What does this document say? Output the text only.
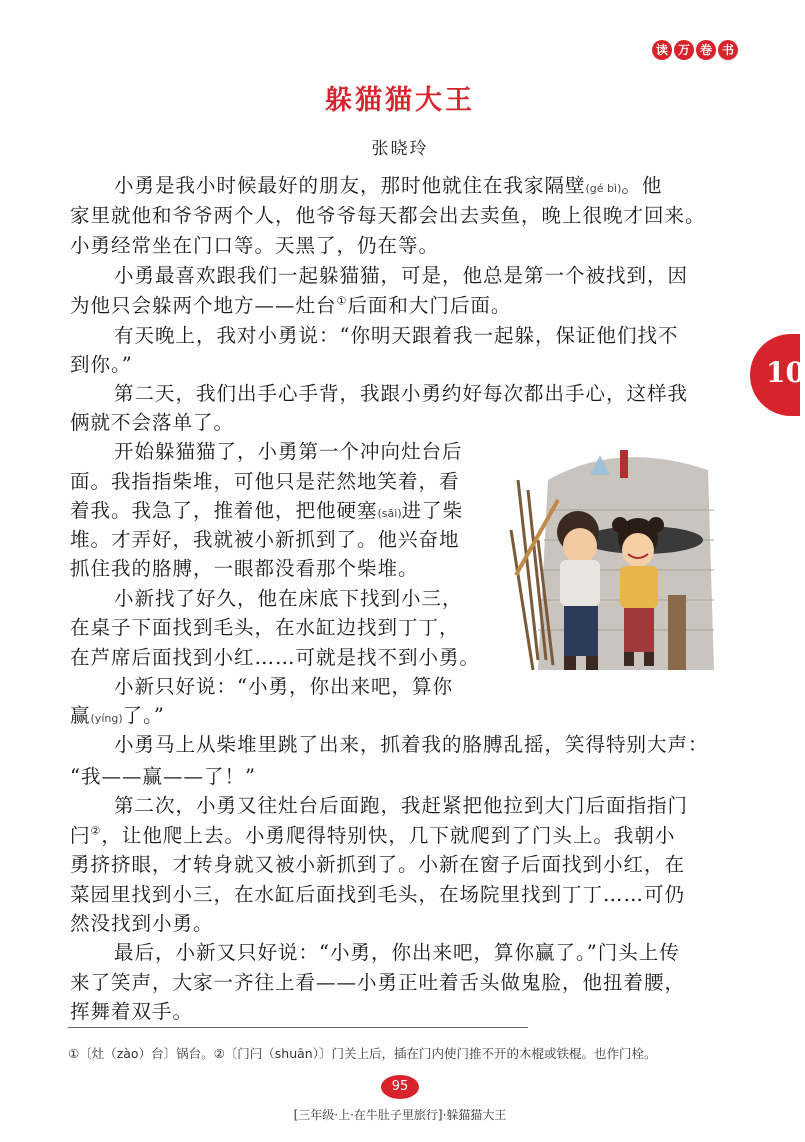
读 万 卷 书
躲猫猫大王
张晓玲
10
小勇是我小时候最好的朋友，那时他就住在我家隔壁(gé bì)。他
家里就他和爷爷两个人，他爷爷每天都会出去卖鱼，晚上很晚才回来。
小勇经常坐在门口等。天黑了，仍在等。
小勇最喜欢跟我们一起躲猫猫，可是，他总是第一个被找到，因
为他只会躲两个地方——灶台①后面和大门后面。
有天晚上，我对小勇说：“你明天跟着我一起躲，保证他们找不
到你。”
第二天，我们出手心手背，我跟小勇约好每次都出手心，这样我
俩就不会落单了。
开始躲猫猫了，小勇第一个冲向灶台后
面。我指指柴堆，可他只是茫然地笑着，看
着我。我急了，推着他，把他硬塞(sāi)进了柴
堆。才弄好，我就被小新抓到了。他兴奋地
抓住我的胳膊，一眼都没看那个柴堆。
小新找了好久，他在床底下找到小三，
在桌子下面找到毛头，在水缸边找到丁丁，
在芦席后面找到小红……可就是找不到小勇。
小新只好说：“小勇，你出来吧，算你
赢(yíng)了。”
小勇马上从柴堆里跳了出来，抓着我的胳膊乱摇，笑得特别大声：
“我——赢——了！”
第二次，小勇又往灶台后面跑，我赶紧把他拉到大门后面指指门
闩②，让他爬上去。小勇爬得特别快，几下就爬到了门头上。我朝小
勇挤挤眼，才转身就又被小新抓到了。小新在窗子后面找到小红，在
菜园里找到小三，在水缸后面找到毛头，在场院里找到丁丁……可仍
然没找到小勇。
最后，小新又只好说：“小勇，你出来吧，算你赢了。”门头上传
来了笑声，大家一齐往上看——小勇正吐着舌头做鬼脸，他扭着腰，
挥舞着双手。
①〔灶（zào）台〕锅台。②〔门闩（shuān）〕门关上后，插在门内使门推不开的木棍或铁棍。也作门栓。
95
[三年级·上·在牛肚子里旅行]·躲猫猫大王
